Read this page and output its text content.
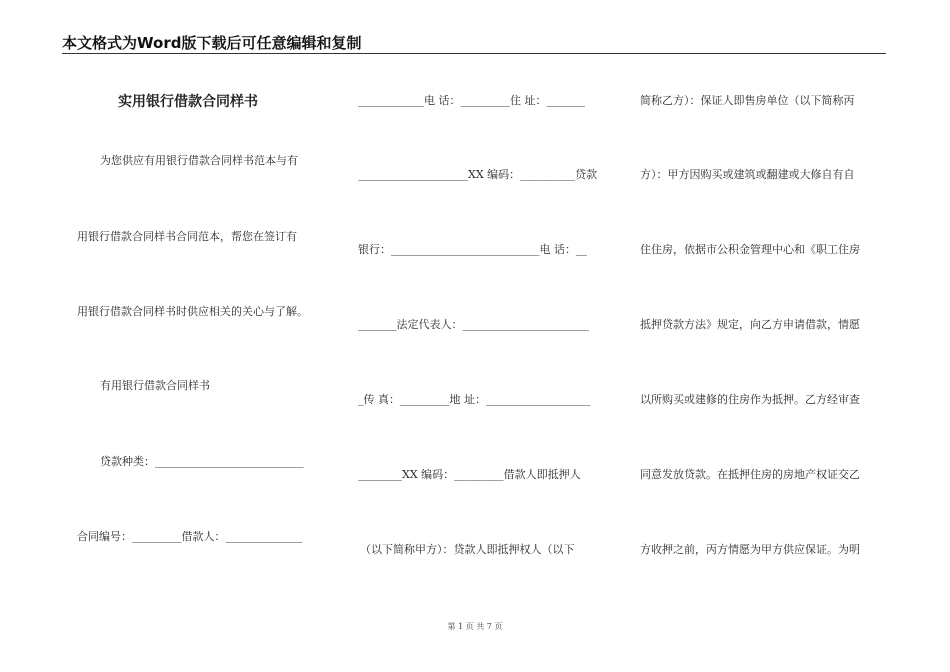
本文格式为Word版下载后可任意编辑和复制
实用银行借款合同样书
为您供应有用银行借款合同样书范本与有
用银行借款合同样书合同范本，帮您在签订有
用银行借款合同样书时供应相关的关心与了解。
有用银行借款合同样书
贷款种类：___________________________
合同编号：_________借款人：______________
____________电 话：_________住 址：_______
____________________XX 编码：__________贷款
银行：___________________________电 话：__
_______法定代表人：_______________________
_传 真：_________地 址：___________________
________XX 编码：_________借款人即抵押人
（以下简称甲方）：贷款人即抵押权人（以下
简称乙方）：保证人即售房单位（以下简称丙
方）：甲方因购买或建筑或翻建或大修自有自
住住房，依据市公积金管理中心和《职工住房
抵押贷款方法》规定，向乙方申请借款，情愿
以所购买或建修的住房作为抵押。乙方经审查
同意发放贷款。在抵押住房的房地产权证交乙
方收押之前，丙方情愿为甲方供应保证。为明
第 1 页 共 7 页
